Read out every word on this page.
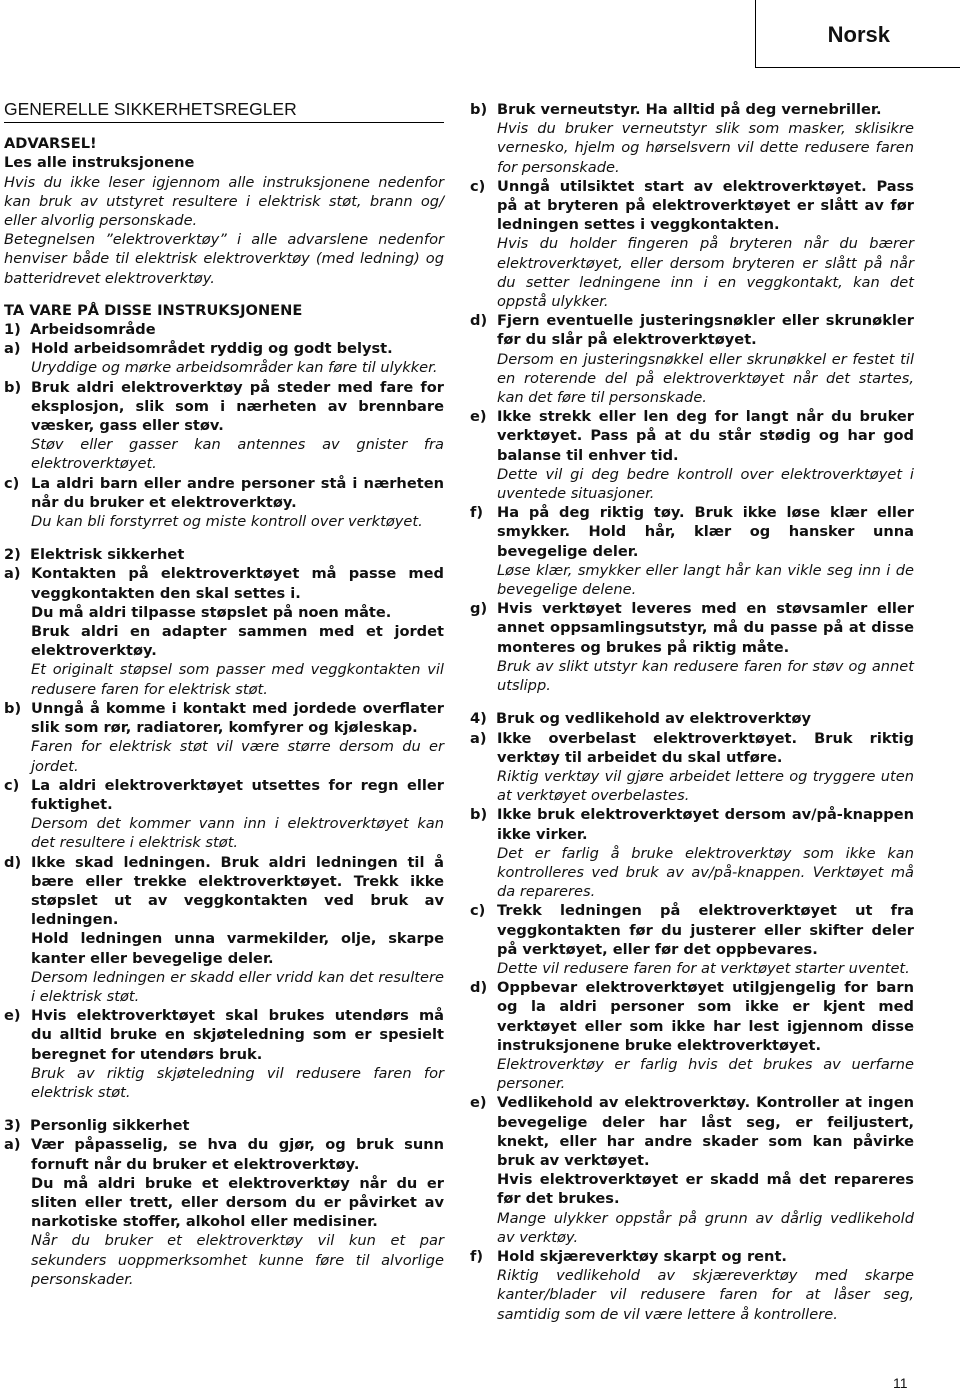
Norsk
GENERELLE SIKKERHETSREGLER

ADVARSEL!

Les alle instruksjonene

Hvis du ikke leser igjennom alle instruksjonene nedenfor kan bruk av utstyret resultere i elektrisk støt, brann og/ eller alvorlig personskade.

Betegnelsen ”elektroverktøy” i alle advarslene nedenfor henviser både til elektrisk elektroverktøy (med ledning) og batteridrevet elektroverktøy.

TA VARE PÅ DISSE INSTRUKSJONENE

1) Arbeidsområde
a) Hold arbeidsområdet ryddig og godt belyst.

Uryddige og mørke arbeidsområder kan føre til ulykker.

b) Bruk aldri elektroverktøy på steder med fare for eksplosjon, slik som i nærheten av brennbare væsker, gass eller støv.

Støv eller gasser kan antennes av gnister fra elektroverktøyet.

c) La aldri barn eller andre personer stå i nærheten når du bruker et elektroverktøy.

Du kan bli forstyrret og miste kontroll over verktøyet.

2) Elektrisk sikkerhet
a) Kontakten på elektroverktøyet må passe med veggkontakten den skal settes i.

Du må aldri tilpasse støpslet på noen måte.

Bruk aldri en adapter sammen med et jordet elektroverktøy.

Et originalt støpsel som passer med veggkontakten vil redusere faren for elektrisk støt.

b) Unngå å komme i kontakt med jordede overflater slik som rør, radiatorer, komfyrer og kjøleskap.

Faren for elektrisk støt vil være større dersom du er jordet.

c) La aldri elektroverktøyet utsettes for regn eller fuktighet.

Dersom det kommer vann inn i elektroverktøyet kan det resultere i elektrisk støt.

d) Ikke skad ledningen. Bruk aldri ledningen til å bære eller trekke elektroverktøyet. Trekk ikke støpslet ut av veggkontakten ved bruk av ledningen.

Hold ledningen unna varmekilder, olje, skarpe kanter eller bevegelige deler.

Dersom ledningen er skadd eller vridd kan det resultere i elektrisk støt.

e) Hvis elektroverktøyet skal brukes utendørs må du alltid bruke en skjøteledning som er spesielt beregnet for utendørs bruk.

Bruk av riktig skjøteledning vil redusere faren for elektrisk støt.

3) Personlig sikkerhet
a) Vær påpasselig, se hva du gjør, og bruk sunn fornuft når du bruker et elektroverktøy.

Du må aldri bruke et elektroverktøy når du er sliten eller trett, eller dersom du er påvirket av narkotiske stoffer, alkohol eller medisiner.

Når du bruker et elektroverktøy vil kun et par sekunders uoppmerksomhet kunne føre til alvorlige personskader.

b) Bruk verneutstyr. Ha alltid på deg vernebriller.

Hvis du bruker verneutstyr slik som masker, sklisikre vernesko, hjelm og hørselsvern vil dette redusere faren for personskade.

c) Unngå utilsiktet start av elektroverktøyet. Pass på at bryteren på elektroverktøyet er slått av før ledningen settes i veggkontakten.

Hvis du holder fingeren på bryteren når du bærer elektroverktøyet, eller dersom bryteren er slått på når du setter ledningene inn i en veggkontakt, kan det oppstå ulykker.

d) Fjern eventuelle justeringsnøkler eller skrunøkler før du slår på elektroverktøyet.

Dersom en justeringsnøkkel eller skrunøkkel er festet til en roterende del på elektroverktøyet når det startes, kan det føre til personskade.

e) Ikke strekk eller len deg for langt når du bruker verktøyet. Pass på at du står stødig og har god balanse til enhver tid.

Dette vil gi deg bedre kontroll over elektroverktøyet i uventede situasjoner.

f) Ha på deg riktig tøy. Bruk ikke løse klær eller smykker. Hold hår, klær og hansker unna bevegelige deler.

Løse klær, smykker eller langt hår kan vikle seg inn i de bevegelige delene.

g) Hvis verktøyet leveres med en støvsamler eller annet oppsamlingsutstyr, må du passe på at disse monteres og brukes på riktig måte.

Bruk av slikt utstyr kan redusere faren for støv og annet utslipp.

4) Bruk og vedlikehold av elektroverktøy
a) Ikke overbelast elektroverktøyet. Bruk riktig verktøy til arbeidet du skal utføre.

Riktig verktøy vil gjøre arbeidet lettere og tryggere uten at verktøyet overbelastes.

b) Ikke bruk elektroverktøyet dersom av/på-knappen ikke virker.

Det er farlig å bruke elektroverktøy som ikke kan kontrolleres ved bruk av av/på-knappen. Verktøyet må da repareres.

c) Trekk ledningen på elektroverktøyet ut fra veggkontakten før du justerer eller skifter deler på verktøyet, eller før det oppbevares.

Dette vil redusere faren for at verktøyet starter uventet.

d) Oppbevar elektroverktøyet utilgjengelig for barn og la aldri personer som ikke er kjent med verktøyet eller som ikke har lest igjennom disse instruksjonene bruke elektroverktøyet.

Elektroverktøy er farlig hvis det brukes av uerfarne personer.

e) Vedlikehold av elektroverktøy. Kontroller at ingen bevegelige deler har låst seg, er feiljustert, knekt, eller har andre skader som kan påvirke bruk av verktøyet.

Hvis elektroverktøyet er skadd må det repareres før det brukes.

Mange ulykker oppstår på grunn av dårlig vedlikehold av verktøy.

f) Hold skjæreverktøy skarpt og rent.

Riktig vedlikehold av skjæreverktøy med skarpe kanter/blader vil redusere faren for at låser seg, samtidig som de vil være lettere å kontrollere.

11
